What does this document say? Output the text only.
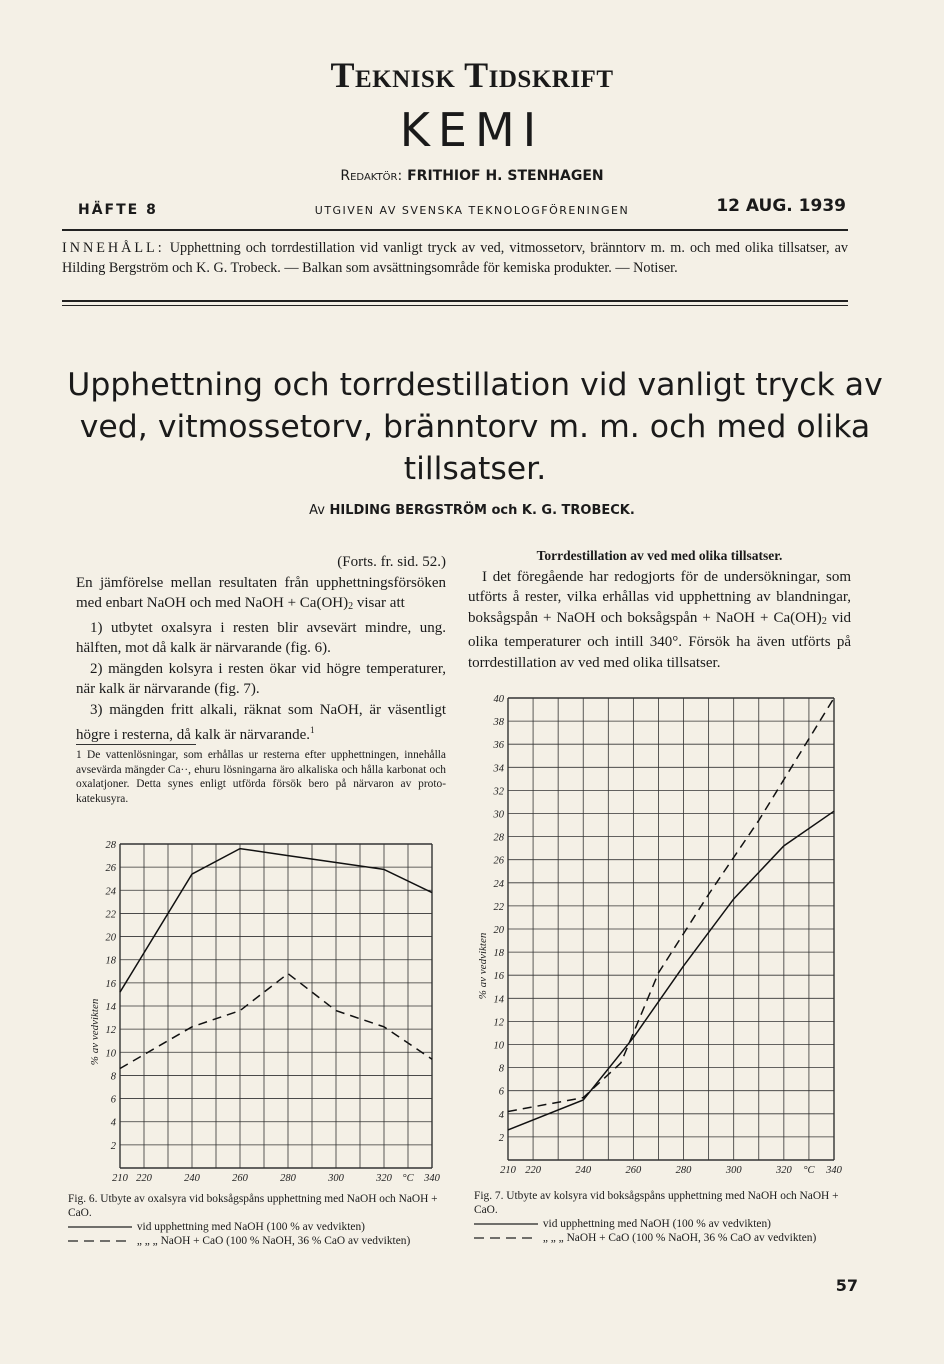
Teknisk Tidskrift
KEMI
Redaktör: FRITHIOF H. STENHAGEN
HÄFTE 8	UTGIVEN AV SVENSKA TEKNOLOGFÖRENINGEN	12 AUG. 1939
INNEHÅLL: Upphettning och torrdestillation vid vanligt tryck av ved, vitmossetorv, bränntorv m. m. och med olika tillsatser, av Hilding Bergström och K. G. Trobeck. — Balkan som avsättningsområde för kemiska produkter. — Notiser.
Upphettning och torrdestillation vid vanligt tryck av ved, vitmossetorv, bränntorv m. m. och med olika tillsatser.
Av HILDING BERGSTRÖM och K. G. TROBECK.

(Forts. fr. sid. 52.)

En jämförelse mellan resultaten från upphettningsförsöken med enbart NaOH och med NaOH + $Ca(OH)_2$ visar att

1) utbytet oxalsyra i resten blir avsevärt mindre, ung. hälften, mot då kalk är närvarande (fig. 6).

2) mängden kolsyra i resten ökar vid högre temperaturer, när kalk är närvarande (fig. 7).

3) mängden fritt alkali, räknat som NaOH, är väsentligt högre i resterna, då kalk är närvarande.$^1$

1 De vattenlösningar, som erhållas ur resterna efter upphettningen, innehålla avsevärda mängder Ca··, ehuru lösningarna äro alkaliska och hålla karbonat och oxalatjoner. Detta synes enligt utförda försök bero på närvaron av protokatekusyra.

Torrdestillation av ved med olika tillsatser.

I det föregående har redogjorts för de undersökningar, som utförts å rester, vilka erhållas vid upphettning av blandningar, boksågspån + NaOH och boksågspån + NaOH + $Ca(OH)_2$ vid olika temperaturer och intill 340°. Försök ha även utförts på torrdestillation av ved med olika tillsatser.

2
4
6
8
10
12
14
16
18
20
22
24
26
28
210 220	240	260	280	300	320 °C 340
% av vedvikten
2
4
6
8
10
12
14
16
18
20
22
24
26
28
30
32
34
36
38
40
210 220	240	260	280	300	320 °C 340
% av vedvikten
Fig. 6. Utbyte av oxalsyra vid boksågspåns upphettning med NaOH och NaOH + CaO.
vid upphettning med NaOH (100 % av vedvikten)
„ „ „ NaOH + CaO (100 % NaOH, 36 % CaO av vedvikten)
Fig. 7. Utbyte av kolsyra vid boksågspåns upphettning med NaOH och NaOH + CaO.
vid upphettning med NaOH (100 % av vedvikten)
„ „ „ NaOH + CaO (100 % NaOH, 36 % CaO av vedvikten)
57
